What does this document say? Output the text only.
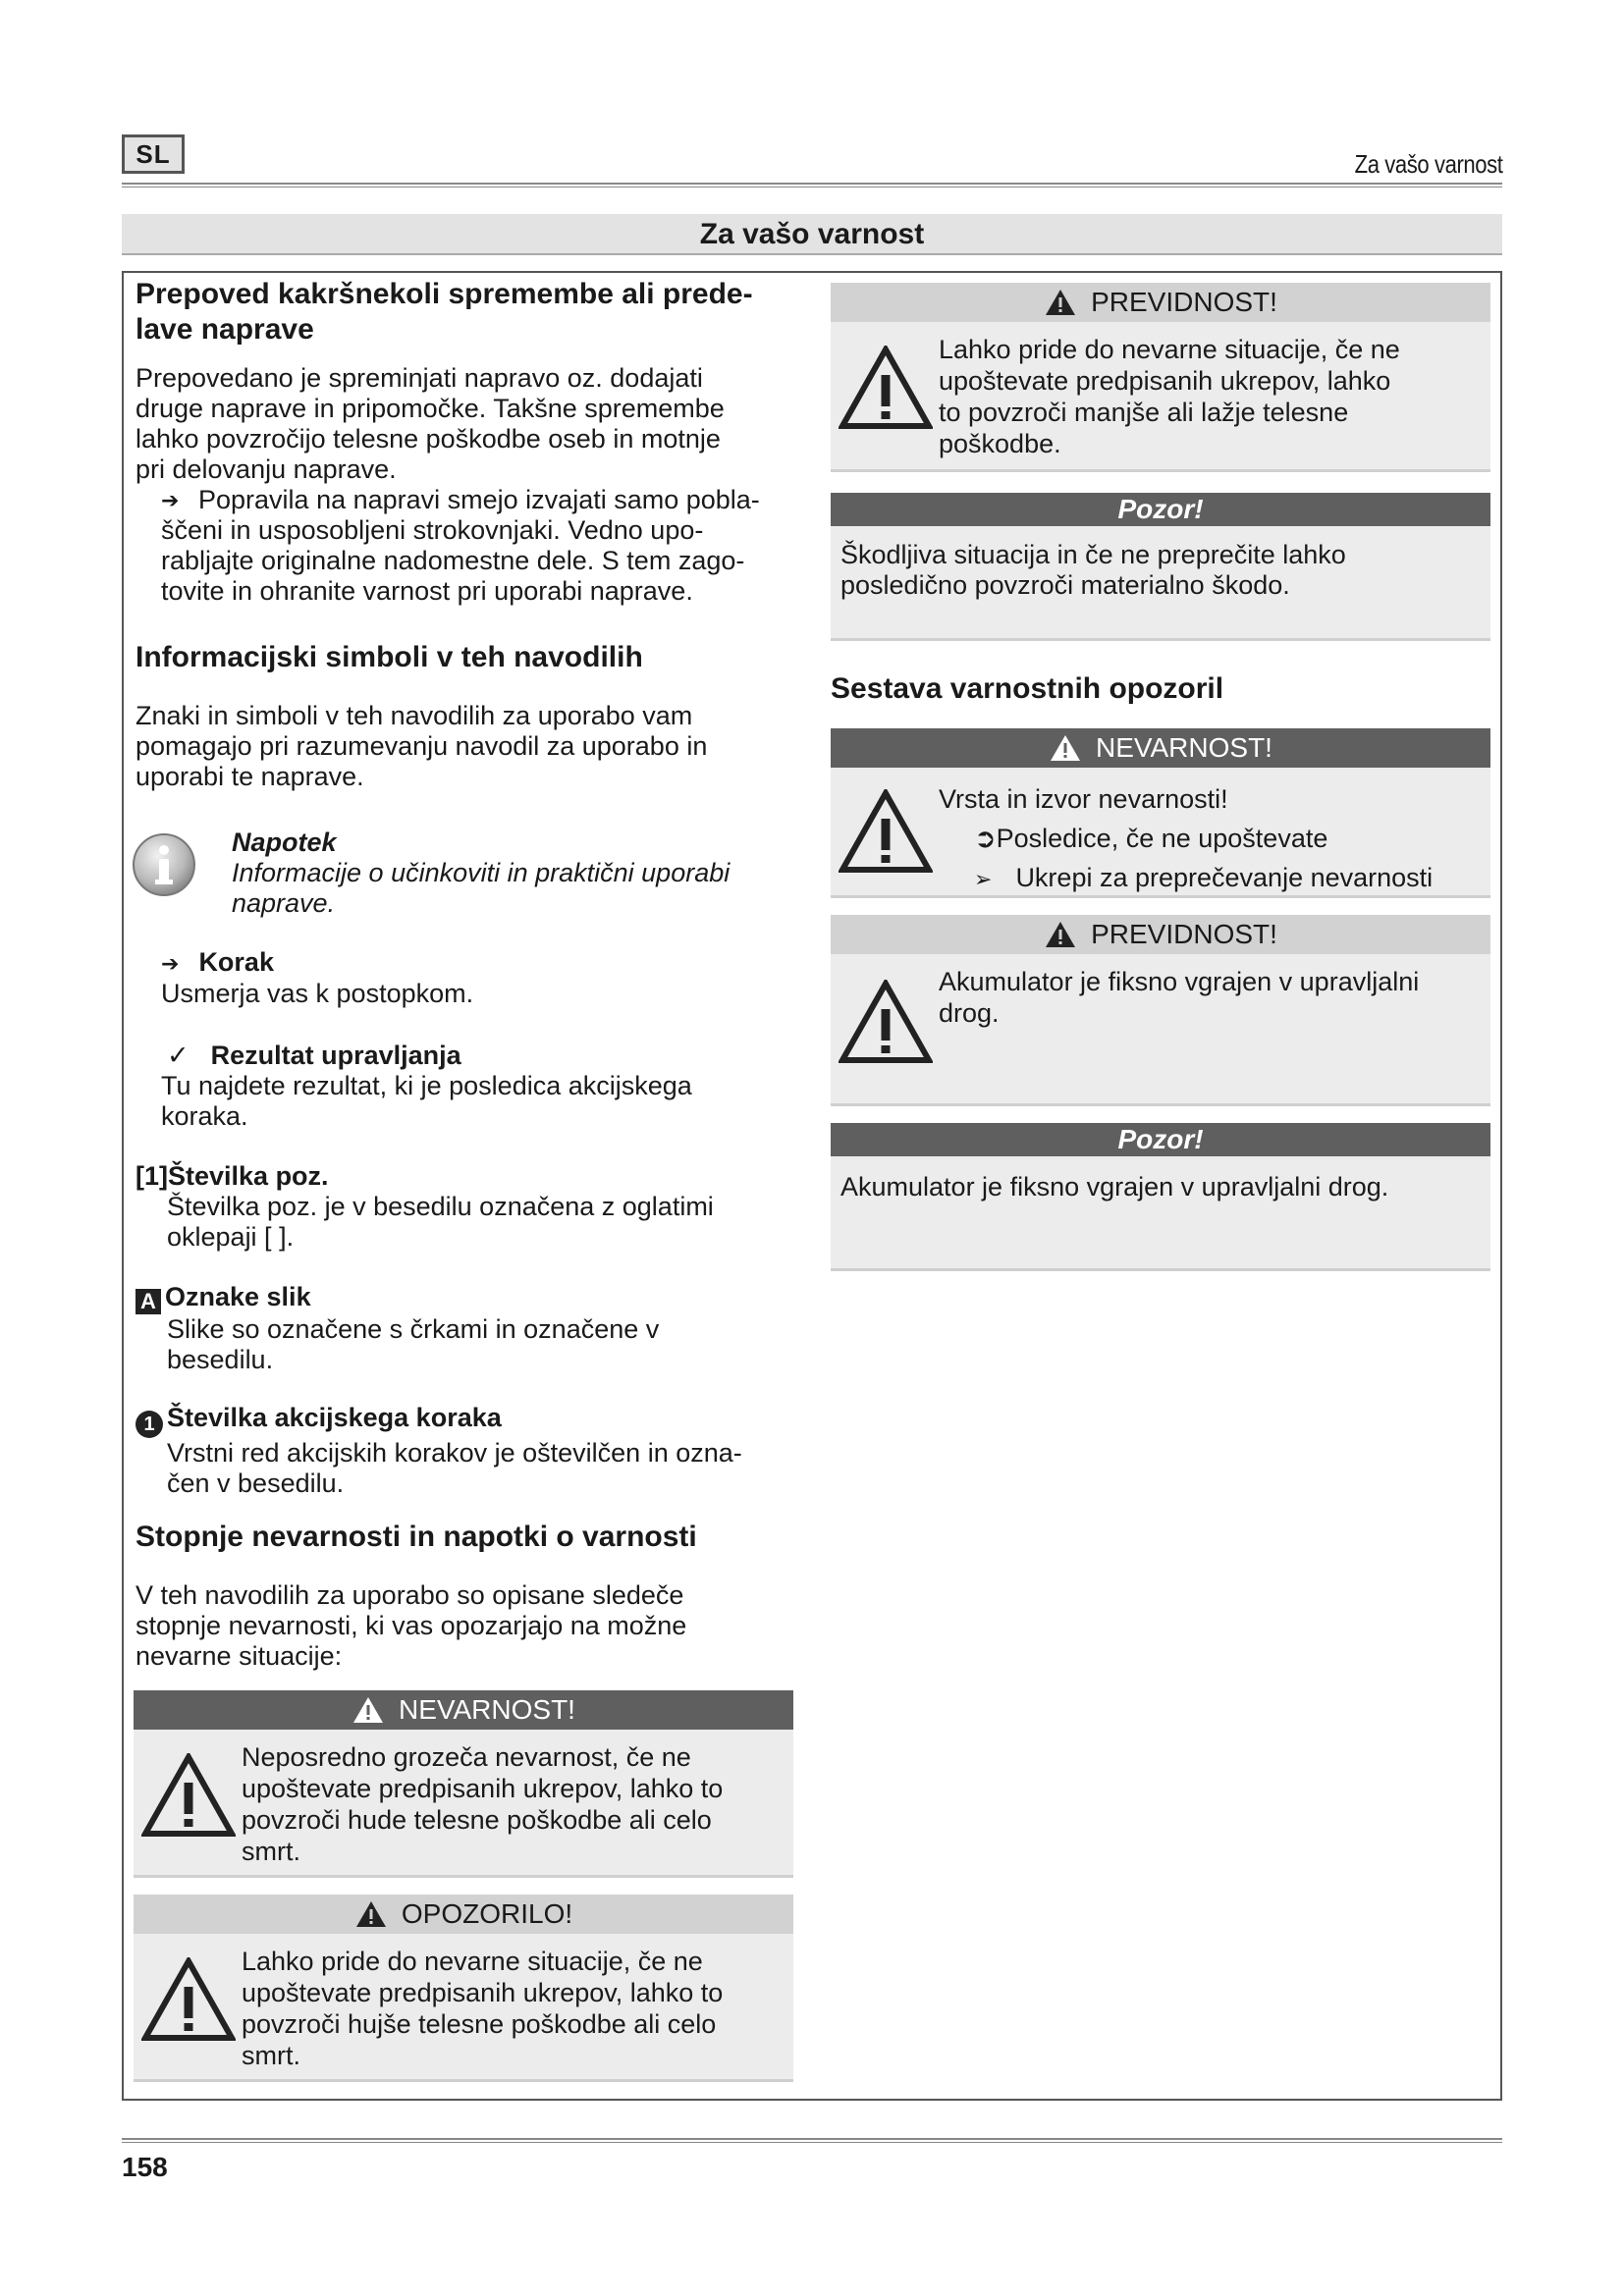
SL	Za vašo varnost
Za vašo varnost

Prepoved kakršnekoli spremembe ali prede-

lave naprave

Prepovedano je spreminjati napravo oz. dodajati

druge naprave in pripomočke. Takšne spremembe

lahko povzročijo telesne poškodbe oseb in motnje

pri delovanju naprave.

➔ Popravila na napravi smejo izvajati samo pobla-

ščeni in usposobljeni strokovnjaki. Vedno upo-

rabljajte originalne nadomestne dele. S tem zago-

tovite in ohranite varnost pri uporabi naprave.

Informacijski simboli v teh navodilih

Znaki in simboli v teh navodilih za uporabo vam

pomagajo pri razumevanju navodil za uporabo in

uporabi te naprave.

Napotek

Informacije o učinkoviti in praktični uporabi

naprave.

➔ Korak

Usmerja vas k postopkom.

✓ Rezultat upravljanja

Tu najdete rezultat, ki je posledica akcijskega

koraka.

[1]Številka poz.

Številka poz. je v besedilu označena z oglatimi

oklepaji [ ].

A Oznake slik

Slike so označene s črkami in označene v

besedilu.

1 Številka akcijskega koraka

Vrstni red akcijskih korakov je oštevilčen in ozna-

čen v besedilu.

Stopnje nevarnosti in napotki o varnosti

V teh navodilih za uporabo so opisane sledeče

stopnje nevarnosti, ki vas opozarjajo na možne

nevarne situacije:

NEVARNOST!
Neposredno grozeča nevarnost, če ne
upoštevate predpisanih ukrepov, lahko to
povzroči hude telesne poškodbe ali celo
smrt.
OPOZORILO!
Lahko pride do nevarne situacije, če ne
upoštevate predpisanih ukrepov, lahko to
povzroči hujše telesne poškodbe ali celo
smrt.
PREVIDNOST!
Lahko pride do nevarne situacije, če ne
upoštevate predpisanih ukrepov, lahko
to povzroči manjše ali lažje telesne
poškodbe.
Pozor!
Škodljiva situacija in če ne preprečite lahko
posledično povzroči materialno škodo.

Sestava varnostnih opozoril

NEVARNOST!
Vrsta in izvor nevarnosti!
➲Posledice, če ne upoštevate
➢ Ukrepi za preprečevanje nevarnosti
PREVIDNOST!
Akumulator je fiksno vgrajen v upravljalni
drog.
Pozor!
Akumulator je fiksno vgrajen v upravljalni drog.
158
